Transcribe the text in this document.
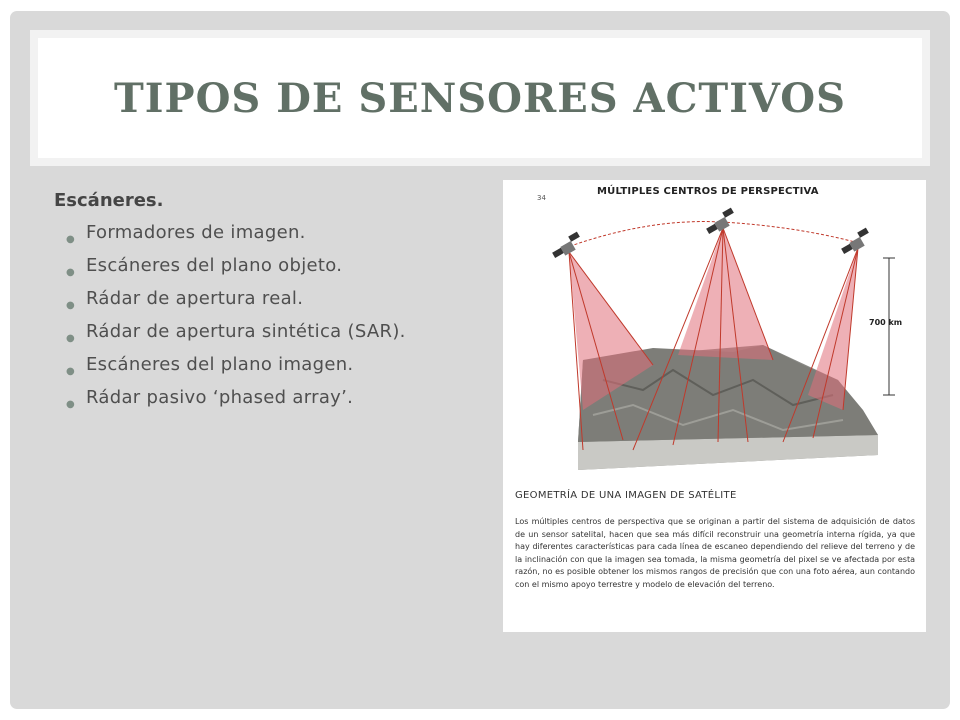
TIPOS DE SENSORES ACTIVOS

Escáneres.

● Formadores de imagen.
● Escáneres del plano objeto.
● Rádar de apertura real.
● Rádar de apertura sintética (SAR).
● Escáneres del plano imagen.
● Rádar pasivo ‘phased array’.
34
MÚLTIPLES CENTROS DE PERSPECTIVA
700 km
GEOMETRÍA DE UNA IMAGEN DE SATÉLITE
Los múltiples centros de perspectiva que se originan a partir del sistema de adquisición de datos de un sensor satelital, hacen que sea más difícil reconstruir una geometría interna rígida, ya que hay diferentes características para cada línea de escaneo dependiendo del relieve del terreno y de la inclinación con que la imagen sea tomada, la misma geometría del pixel se ve afectada por esta razón, no es posible obtener los mismos rangos de precisión que con una foto aérea, aun contando con el mismo apoyo terrestre y modelo de elevación del terreno.
